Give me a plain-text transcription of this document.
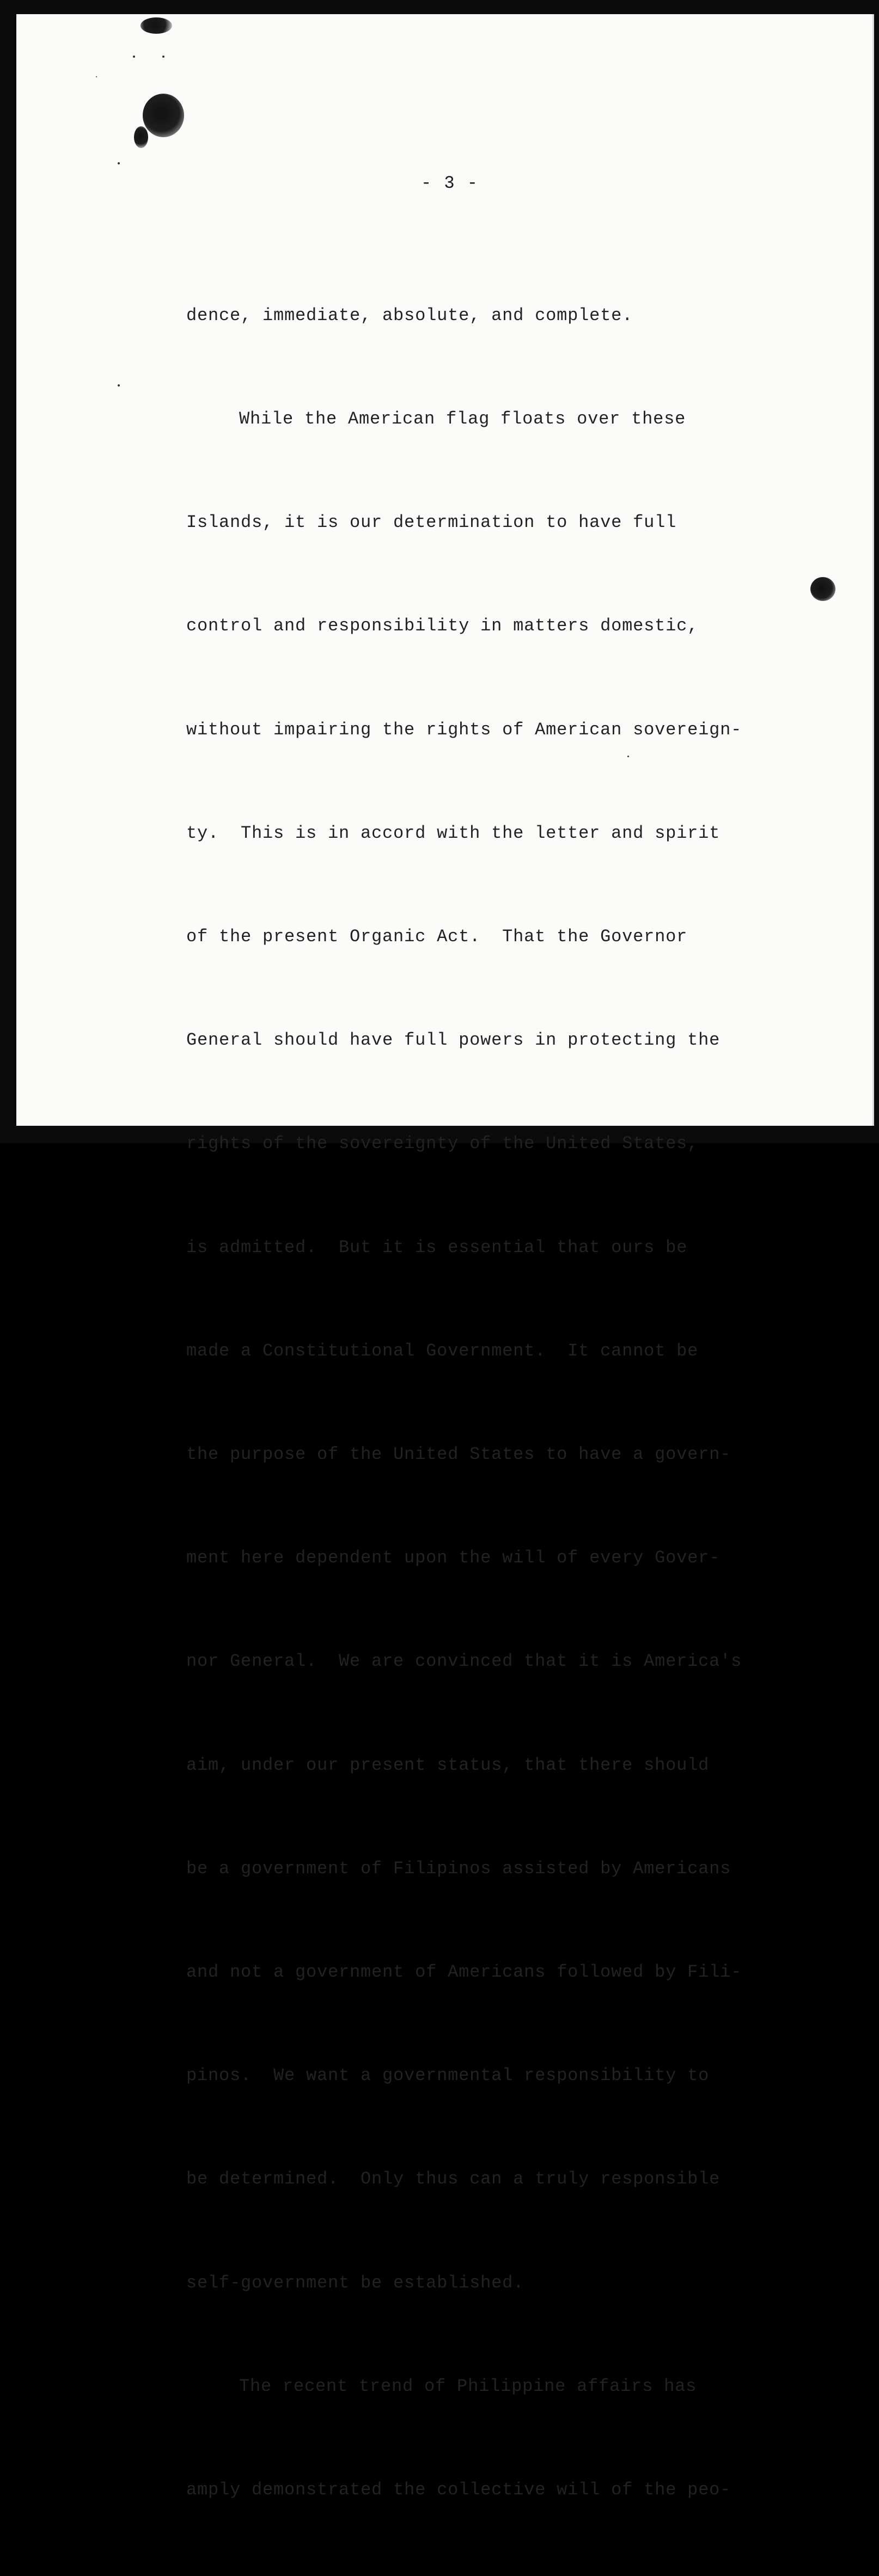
- 3 -

dence, immediate, absolute, and complete.

While the American flag floats over these

Islands, it is our determination to have full

control and responsibility in matters domestic,

without impairing the rights of American sovereign-

ty.  This is in accord with the letter and spirit

of the present Organic Act.  That the Governor

General should have full powers in protecting the

rights of the sovereignty of the United States,

is admitted.  But it is essential that ours be

made a Constitutional Government.  It cannot be

the purpose of the United States to have a govern-

ment here dependent upon the will of every Gover-

nor General.  We are convinced that it is America's

aim, under our present status, that there should

be a government of Filipinos assisted by Americans

and not a government of Americans followed by Fili-

pinos.  We want a governmental responsibility to

be determined.  Only thus can a truly responsible

self-government be established.

The recent trend of Philippine affairs has

amply demonstrated the collective will of the peo-
